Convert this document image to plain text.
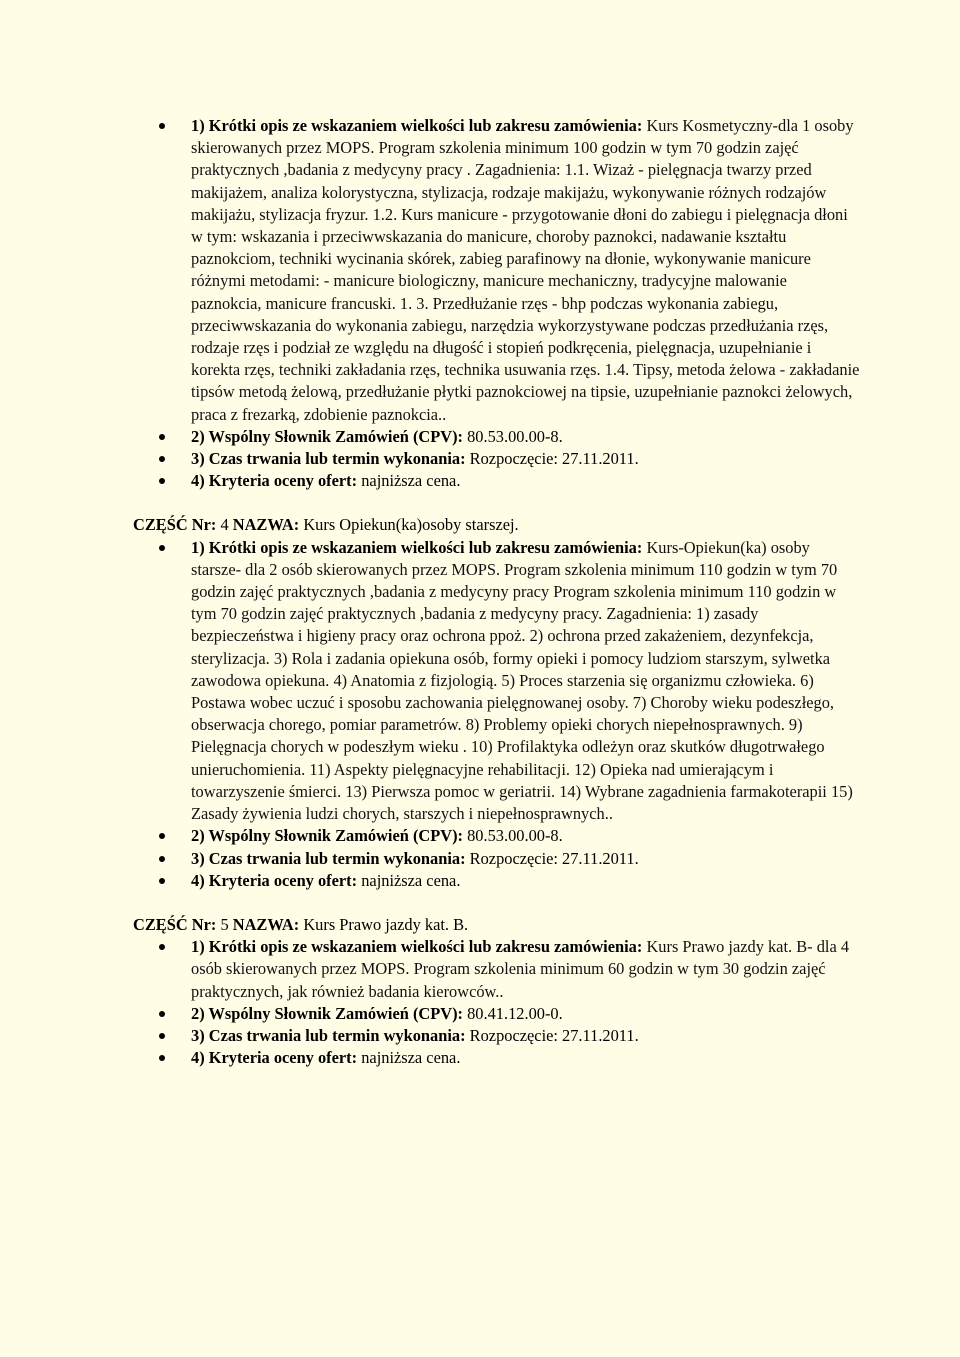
1) Krótki opis ze wskazaniem wielkości lub zakresu zamówienia: Kurs Kosmetyczny-dla 1 osoby skierowanych przez MOPS. Program szkolenia minimum 100 godzin w tym 70 godzin zajęć praktycznych ,badania z medycyny pracy . Zagadnienia: 1.1. Wizaż - pielęgnacja twarzy przed makijażem, analiza kolorystyczna, stylizacja, rodzaje makijażu, wykonywanie różnych rodzajów makijażu, stylizacja fryzur. 1.2. Kurs manicure - przygotowanie dłoni do zabiegu i pielęgnacja dłoni w tym: wskazania i przeciwwskazania do manicure, choroby paznokci, nadawanie kształtu paznokciom, techniki wycinania skórek, zabieg parafinowy na dłonie, wykonywanie manicure różnymi metodami: - manicure biologiczny, manicure mechaniczny, tradycyjne malowanie paznokcia, manicure francuski. 1. 3. Przedłużanie rzęs - bhp podczas wykonania zabiegu, przeciwwskazania do wykonania zabiegu, narzędzia wykorzystywane podczas przedłużania rzęs, rodzaje rzęs i podział ze względu na długość i stopień podkręcenia, pielęgnacja, uzupełnianie i korekta rzęs, techniki zakładania rzęs, technika usuwania rzęs. 1.4. Tipsy, metoda żelowa - zakładanie tipsów metodą żelową, przedłużanie płytki paznokciowej na tipsie, uzupełnianie paznokci żelowych, praca z frezarką, zdobienie paznokcia..
2) Wspólny Słownik Zamówień (CPV): 80.53.00.00-8.
3) Czas trwania lub termin wykonania: Rozpoczęcie: 27.11.2011.
4) Kryteria oceny ofert: najniższa cena.
CZĘŚĆ Nr: 4 NAZWA: Kurs Opiekun(ka)osoby starszej.
1) Krótki opis ze wskazaniem wielkości lub zakresu zamówienia: Kurs-Opiekun(ka) osoby starsze- dla 2 osób skierowanych przez MOPS. Program szkolenia minimum 110 godzin w tym 70 godzin zajęć praktycznych ,badania z medycyny pracy Program szkolenia minimum 110 godzin w tym 70 godzin zajęć praktycznych ,badania z medycyny pracy. Zagadnienia: 1) zasady bezpieczeństwa i higieny pracy oraz ochrona ppoż. 2) ochrona przed zakażeniem, dezynfekcja, sterylizacja. 3) Rola i zadania opiekuna osób, formy opieki i pomocy ludziom starszym, sylwetka zawodowa opiekuna. 4) Anatomia z fizjologią. 5) Proces starzenia się organizmu człowieka. 6) Postawa wobec uczuć i sposobu zachowania pielęgnowanej osoby. 7) Choroby wieku podeszłego, obserwacja chorego, pomiar parametrów. 8) Problemy opieki chorych niepełnosprawnych. 9) Pielęgnacja chorych w podeszłym wieku . 10) Profilaktyka odleżyn oraz skutków długotrwałego unieruchomienia. 11) Aspekty pielęgnacyjne rehabilitacji. 12) Opieka nad umierającym i towarzyszenie śmierci. 13) Pierwsza pomoc w geriatrii. 14) Wybrane zagadnienia farmakoterapii 15) Zasady żywienia ludzi chorych, starszych i niepełnosprawnych..
2) Wspólny Słownik Zamówień (CPV): 80.53.00.00-8.
3) Czas trwania lub termin wykonania: Rozpoczęcie: 27.11.2011.
4) Kryteria oceny ofert: najniższa cena.
CZĘŚĆ Nr: 5 NAZWA: Kurs Prawo jazdy kat. B.
1) Krótki opis ze wskazaniem wielkości lub zakresu zamówienia: Kurs Prawo jazdy kat. B- dla 4 osób skierowanych przez MOPS. Program szkolenia minimum 60 godzin w tym 30 godzin zajęć praktycznych, jak również badania kierowców..
2) Wspólny Słownik Zamówień (CPV): 80.41.12.00-0.
3) Czas trwania lub termin wykonania: Rozpoczęcie: 27.11.2011.
4) Kryteria oceny ofert: najniższa cena.
